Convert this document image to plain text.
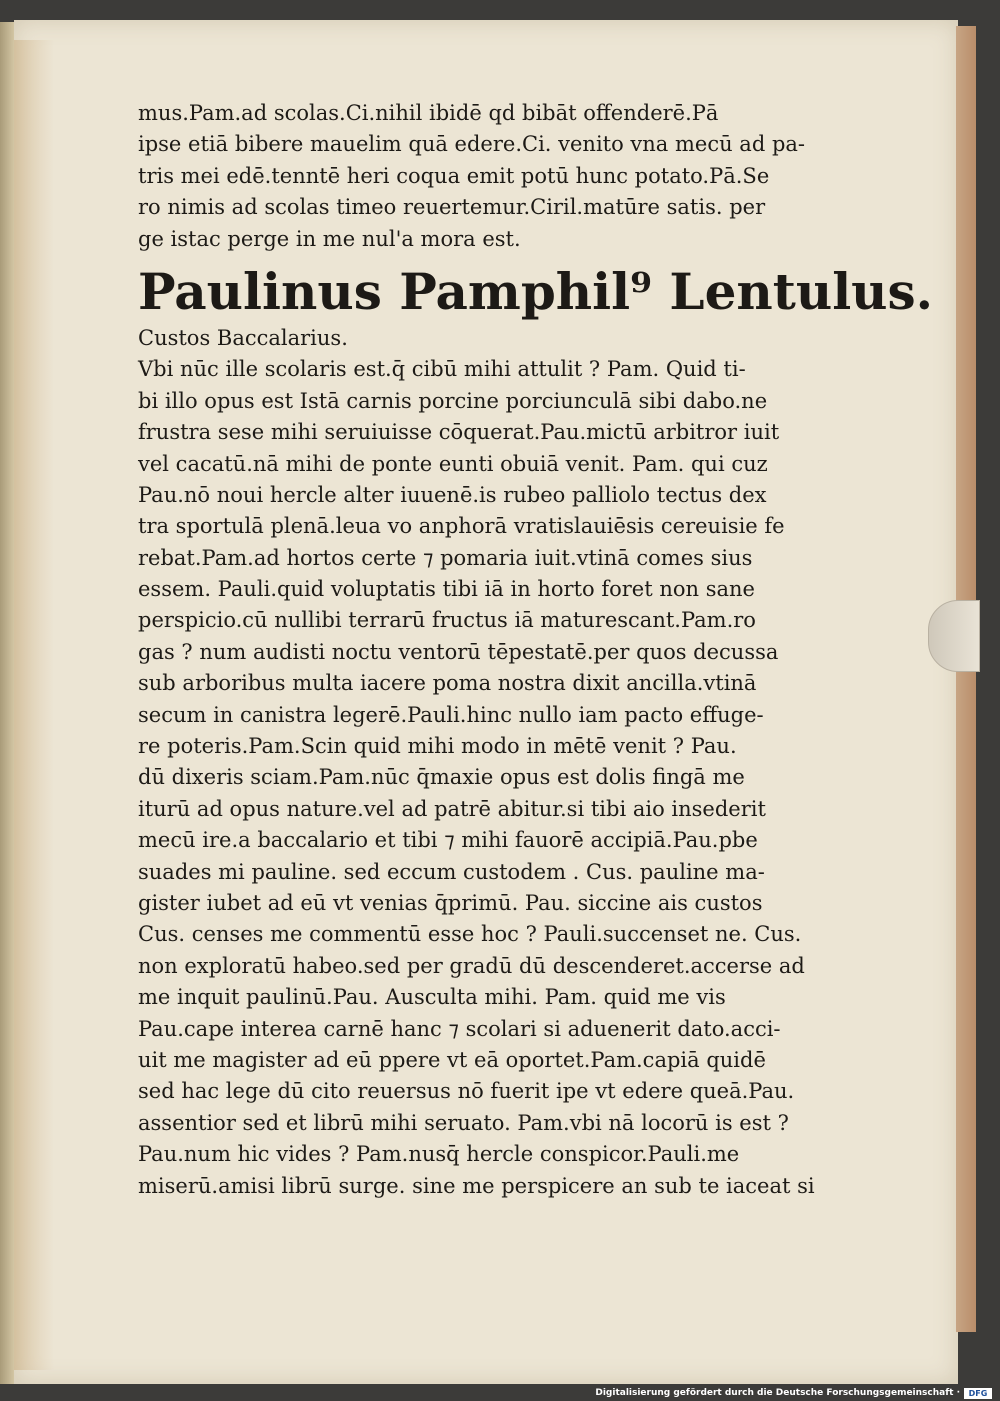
mus.Pam.ad scolas.Ci.nihil ibidē qd bibāt offenderē.Pā
ipse etiā bibere mauelim quā edere.Ci. venito vna mecū ad pa-
tris mei edē.tenntē heri coqua emit potū hunc potato.Pā.Se
ro nimis ad scolas timeo reuertemur.Ciril.matūre satis. per
ge istac perge in me nul'a mora est.
Paulinus Pamphil⁹ Lentulus.
Custos Baccalarius.
Vbi nūc ille scolaris est.q̄ cibū mihi attulit ? Pam. Quid ti-
bi illo opus est Istā carnis porcine porciunculā sibi dabo.ne
frustra sese mihi seruiuisse cōquerat.Pau.mictū arbitror iuit
vel cacatū.nā mihi de ponte eunti obuiā venit. Pam. qui cuz
Pau.nō noui hercle alter iuuenē.is rubeo palliolo tectus dex
tra sportulā plenā.leua vo anphorā vratislauiēsis cereuisie fe
rebat.Pam.ad hortos certe ⁊ pomaria iuit.vtinā comes sius
essem. Pauli.quid voluptatis tibi iā in horto foret non sane
perspicio.cū nullibi terrarū fructus iā maturescant.Pam.ro
gas ? num audisti noctu ventorū tēpestatē.per quos decussa
sub arboribus multa iacere poma nostra dixit ancilla.vtinā
secum in canistra legerē.Pauli.hinc nullo iam pacto effuge-
re poteris.Pam.Scin quid mihi modo in mētē venit ? Pau.
dū dixeris sciam.Pam.nūc q̄maxie opus est dolis fingā me
iturū ad opus nature.vel ad patrē abitur.si tibi aio insederit
mecū ire.a baccalario et tibi ⁊ mihi fauorē accipiā.Pau.pbe
suades mi pauline. sed eccum custodem . Cus. pauline ma-
gister iubet ad eū vt venias q̄primū. Pau. siccine ais custos
Cus. censes me commentū esse hoc ? Pauli.succenset ne. Cus.
non exploratū habeo.sed per gradū dū descenderet.accerse ad
me inquit paulinū.Pau. Ausculta mihi. Pam. quid me vis
Pau.cape interea carnē hanc ⁊ scolari si aduenerit dato.acci-
uit me magister ad eū ppere vt eā oportet.Pam.capiā quidē
sed hac lege dū cito reuersus nō fuerit ipe vt edere queā.Pau.
assentior sed et librū mihi seruato. Pam.vbi nā locorū is est ?
Pau.num hic vides ? Pam.nusq̄ hercle conspicor.Pauli.me
miserū.amisi librū surge. sine me perspicere an sub te iaceat si
Digitalisierung gefördert durch die Deutsche Forschungsgemeinschaft ·	DFG
